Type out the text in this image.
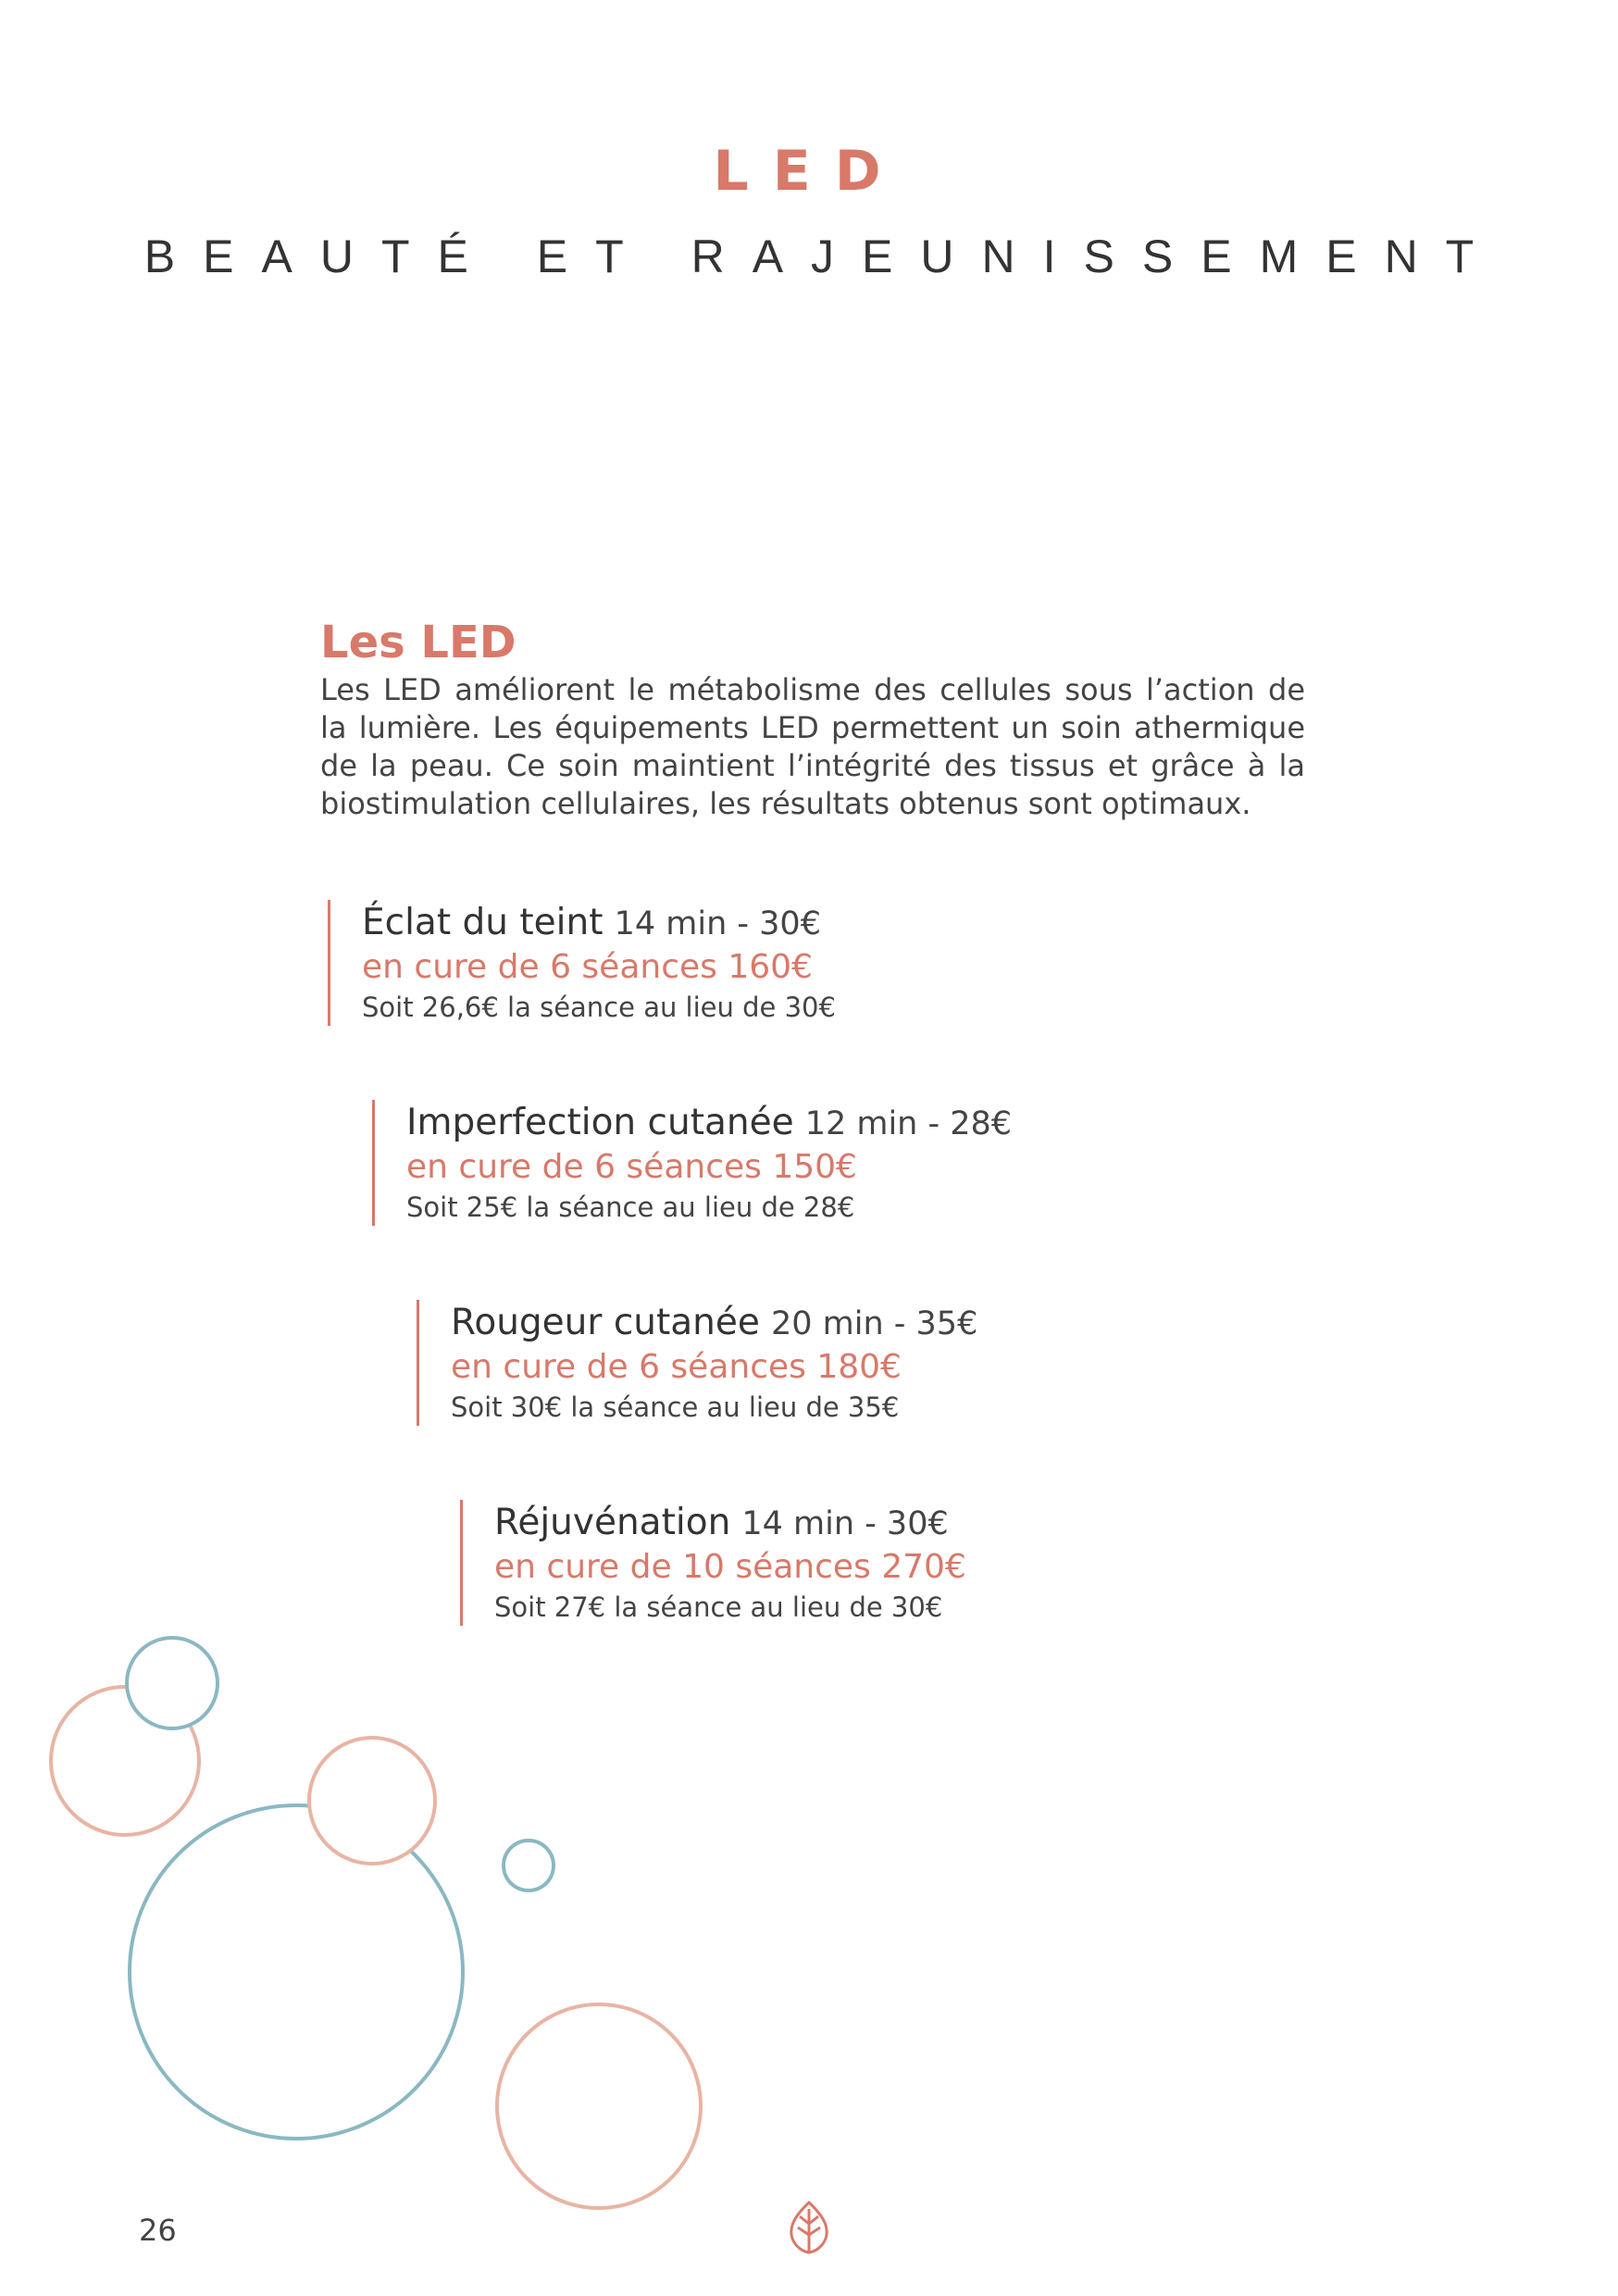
LED
BEAUTÉ ET RAJEUNISSEMENT
Les LED

Les LED améliorent le métabolisme des cellules sous l’action de la lumière. Les équipements LED permettent un soin athermique de la peau. Ce soin maintient l’intégrité des tissus et grâce à la biostimulation cellulaires, les résultats obtenus sont optimaux.

Éclat du teint 14 min - 30€
en cure de 6 séances 160€
Soit 26,6€ la séance au lieu de 30€
Imperfection cutanée 12 min - 28€
en cure de 6 séances 150€
Soit 25€ la séance au lieu de 28€
Rougeur cutanée 20 min - 35€
en cure de 6 séances 180€
Soit 30€ la séance au lieu de 35€
Réjuvénation 14 min - 30€
en cure de 10 séances 270€
Soit 27€ la séance au lieu de 30€
26
